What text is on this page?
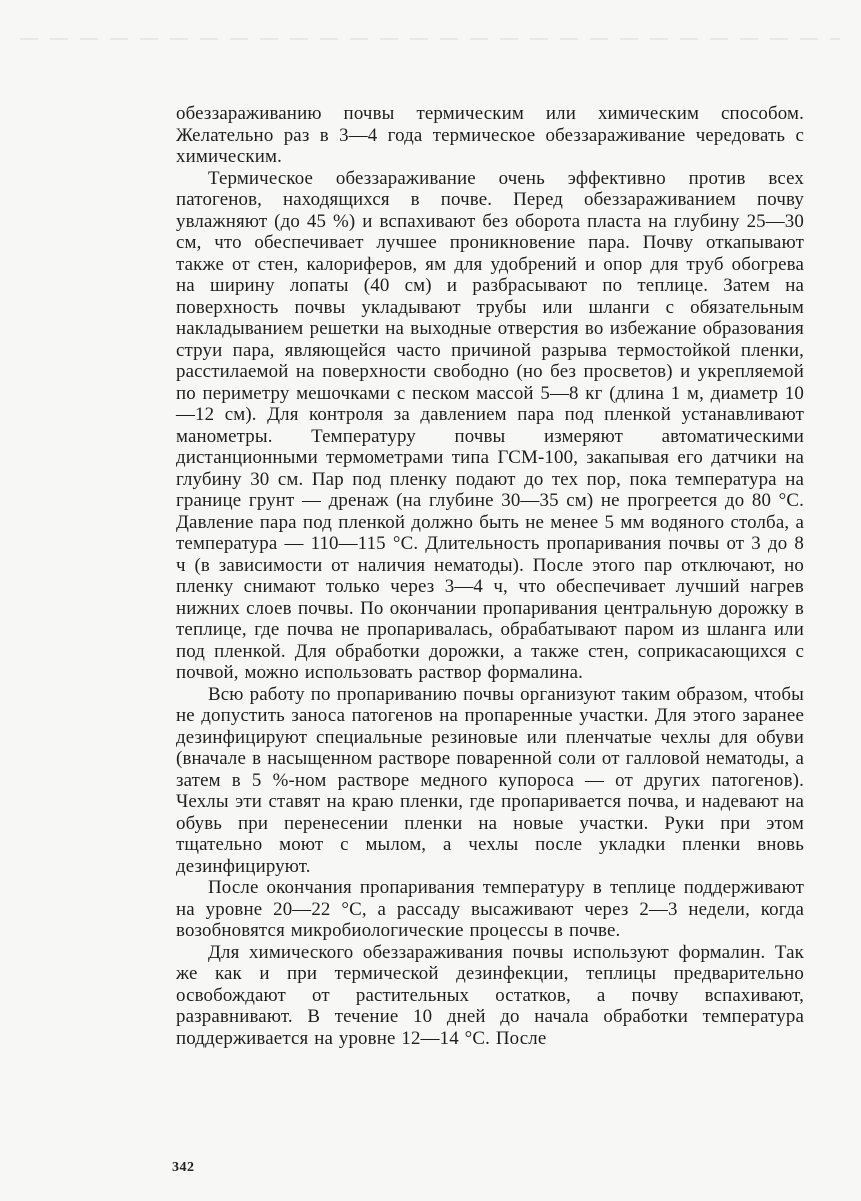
обеззараживанию почвы термическим или химическим способом. Желательно раз в 3—4 года термическое обеззараживание чередовать с химическим.

Термическое обеззараживание очень эффективно против всех патогенов, находящихся в почве. Перед обеззараживанием почву увлажняют (до 45 %) и вспахивают без оборота пласта на глубину 25—30 см, что обеспечивает лучшее проникновение пара. Почву откапывают также от стен, калориферов, ям для удобрений и опор для труб обогрева на ширину лопаты (40 см) и разбрасывают по теплице. Затем на поверхность почвы укладывают трубы или шланги с обязательным накладыванием решетки на выходные отверстия во избежание образования струи пара, являющейся часто причиной разрыва термостойкой пленки, расстилаемой на поверхности свободно (но без просветов) и укрепляемой по периметру мешочками с песком массой 5—8 кг (длина 1 м, диаметр 10—12 см). Для контроля за давлением пара под пленкой устанавливают манометры. Температуру почвы измеряют автоматическими дистанционными термометрами типа ГСМ-100, закапывая его датчики на глубину 30 см. Пар под пленку подают до тех пор, пока температура на границе грунт — дренаж (на глубине 30—35 см) не прогреется до 80 °С. Давление пара под пленкой должно быть не менее 5 мм водяного столба, а температура — 110—115 °С. Длительность пропаривания почвы от 3 до 8 ч (в зависимости от наличия нематоды). После этого пар отключают, но пленку снимают только через 3—4 ч, что обеспечивает лучший нагрев нижних слоев почвы. По окончании пропаривания центральную дорожку в теплице, где почва не пропаривалась, обрабатывают паром из шланга или под пленкой. Для обработки дорожки, а также стен, соприкасающихся с почвой, можно использовать раствор формалина.

Всю работу по пропариванию почвы организуют таким образом, чтобы не допустить заноса патогенов на пропаренные участки. Для этого заранее дезинфицируют специальные резиновые или пленчатые чехлы для обуви (вначале в насыщенном растворе поваренной соли от галловой нематоды, а затем в 5 %-ном растворе медного купороса — от других патогенов). Чехлы эти ставят на краю пленки, где пропаривается почва, и надевают на обувь при перенесении пленки на новые участки. Руки при этом тщательно моют с мылом, а чехлы после укладки пленки вновь дезинфицируют.

После окончания пропаривания температуру в теплице поддерживают на уровне 20—22 °С, а рассаду высаживают через 2—3 недели, когда возобновятся микробиологические процессы в почве.

Для химического обеззараживания почвы используют формалин. Так же как и при термической дезинфекции, теплицы предварительно освобождают от растительных остатков, а почву вспахивают, разравнивают. В течение 10 дней до начала обработки температура поддерживается на уровне 12—14 °С. После

342
